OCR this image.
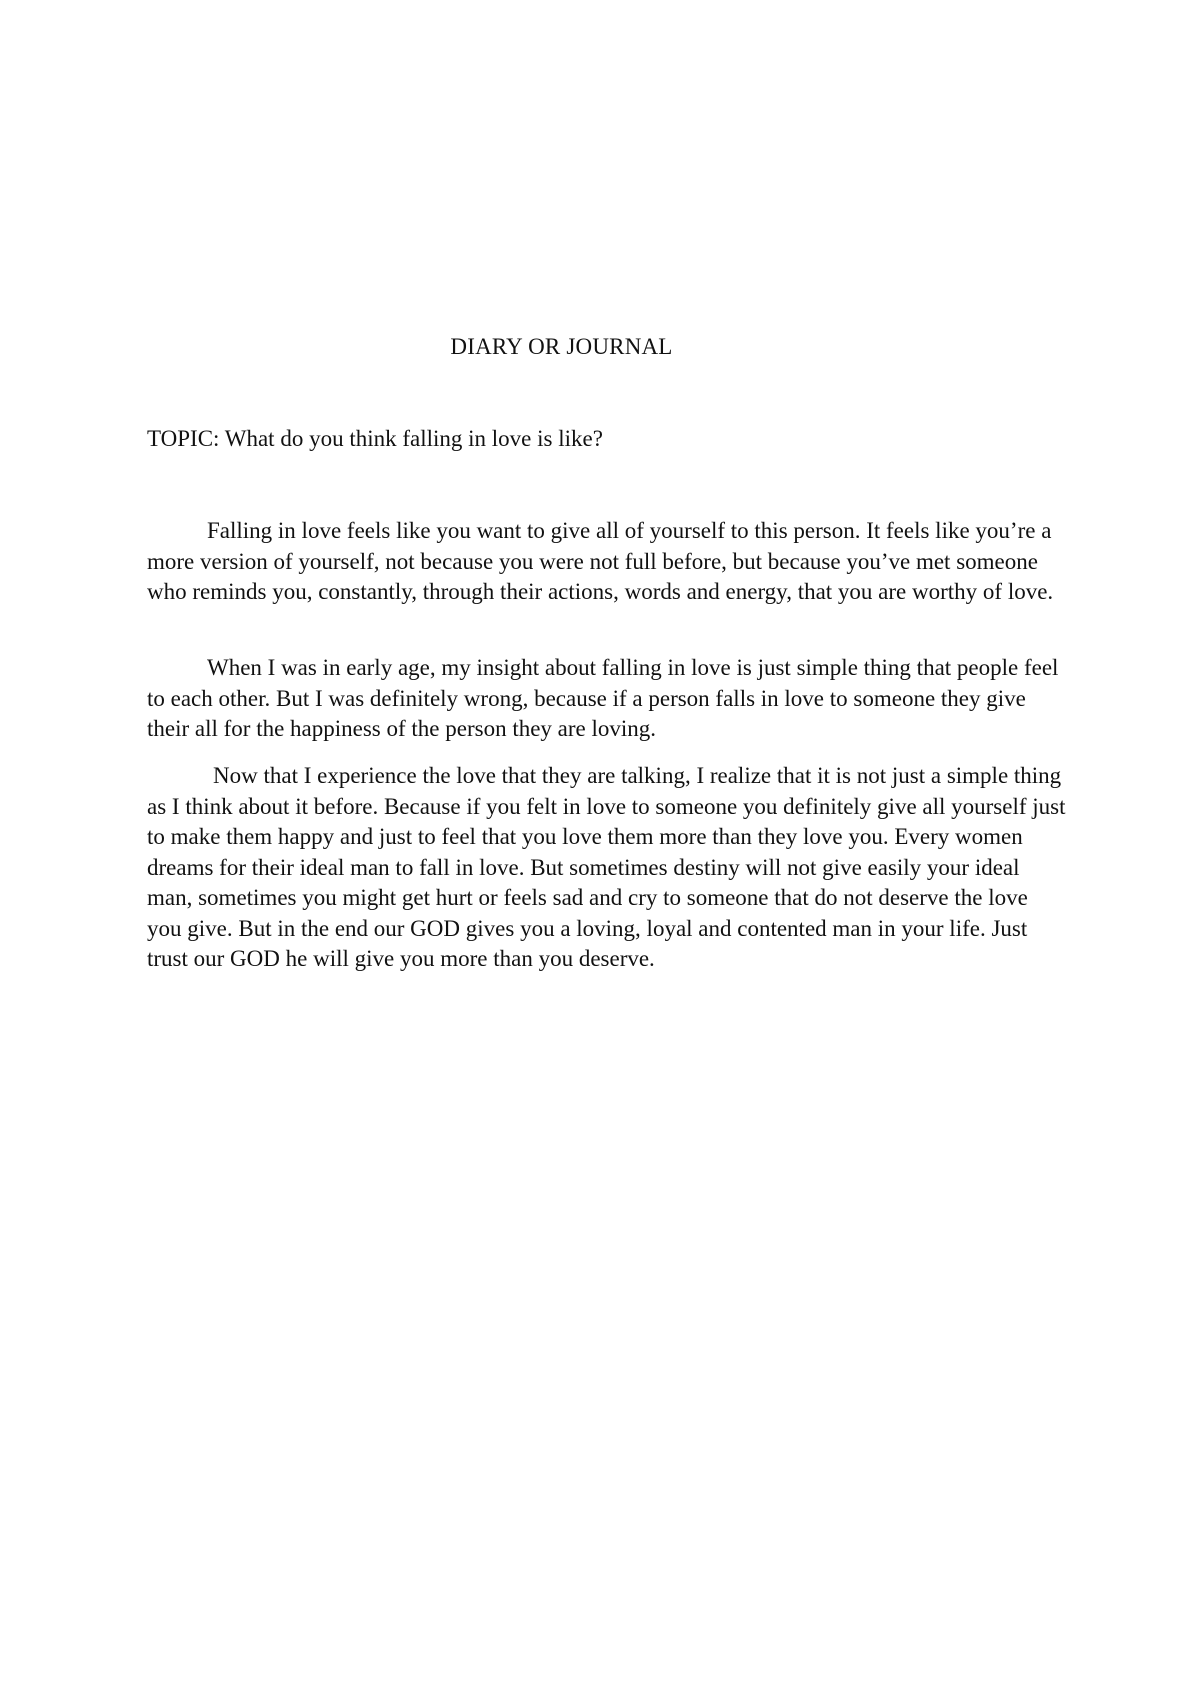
DIARY OR JOURNAL
TOPIC: What do you think falling in love is like?

Falling in love feels like you want to give all of yourself to this person. It feels like you’re a more version of yourself, not because you were not full before, but because you’ve met someone who reminds you, constantly, through their actions, words and energy, that you are worthy of love.

When I was in early age, my insight about falling in love is just simple thing that people feel to each other. But I was definitely wrong, because if a person falls in love to someone they give their all for the happiness of the person they are loving.

Now that I experience the love that they are talking, I realize that it is not just a simple thing as I think about it before. Because if you felt in love to someone you definitely give all yourself just to make them happy and just to feel that you love them more than they love you. Every women dreams for their ideal man to fall in love. But sometimes destiny will not give easily your ideal man, sometimes you might get hurt or feels sad and cry to someone that do not deserve the love you give. But in the end our GOD gives you a loving, loyal and contented man in your life. Just trust our GOD he will give you more than you deserve.
